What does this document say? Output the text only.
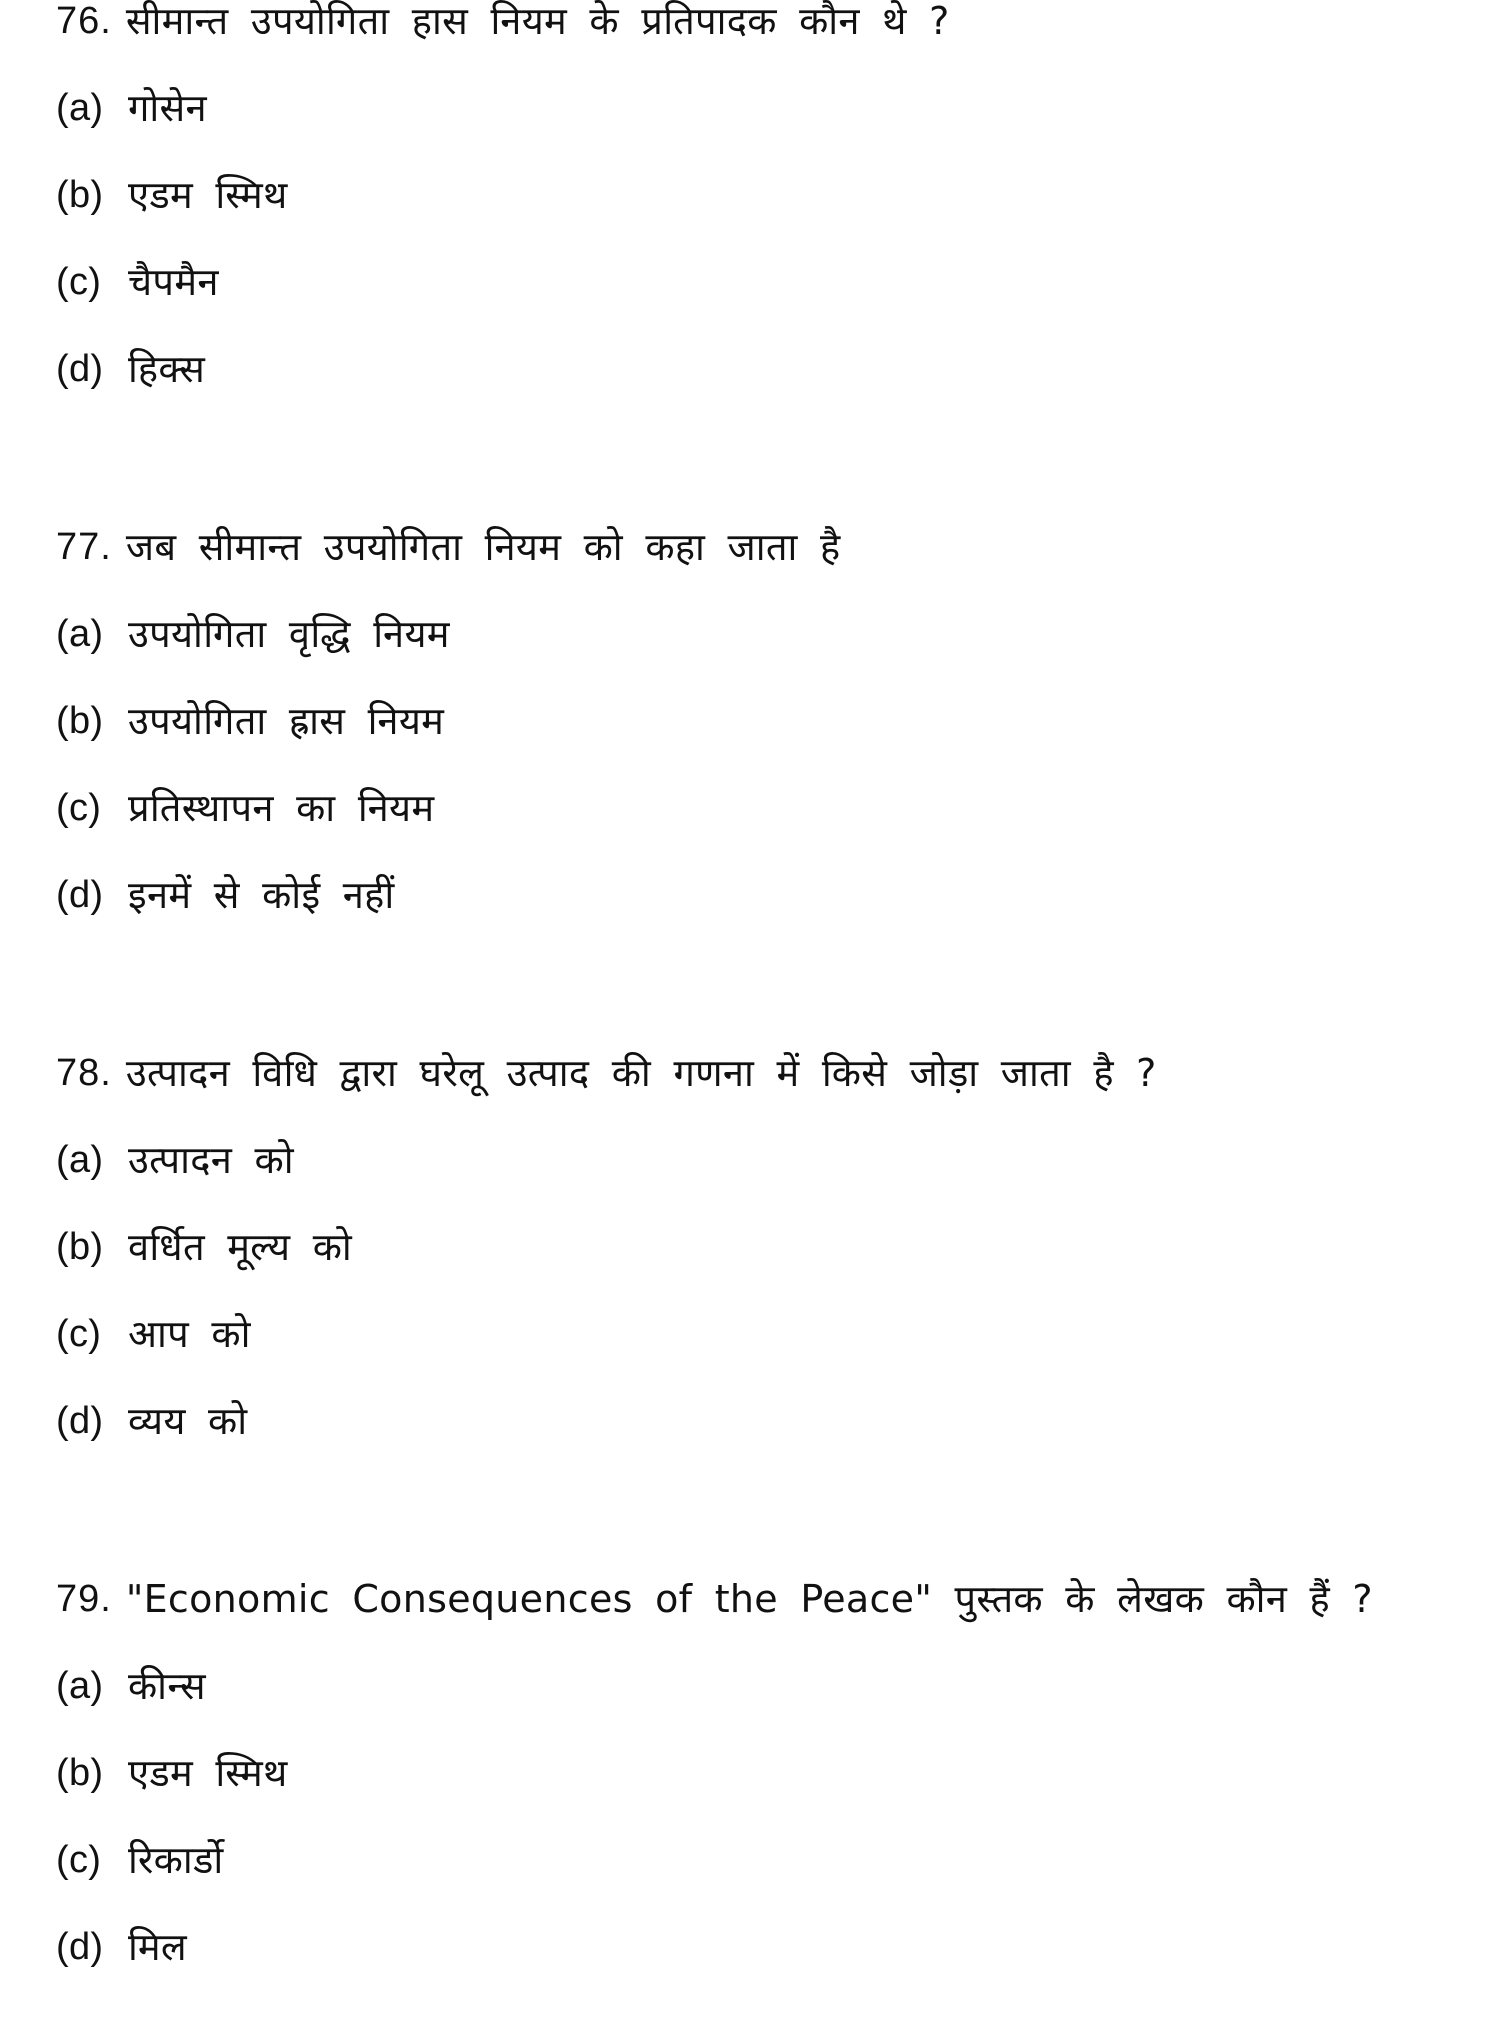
76. सीमान्त उपयोगिता हास नियम के प्रतिपादक कौन थे ?
(a) गोसेन
(b) एडम स्मिथ
(c) चैपमैन
(d) हिक्स
77. जब सीमान्त उपयोगिता नियम को कहा जाता है
(a) उपयोगिता वृद्धि नियम
(b) उपयोगिता ह्रास नियम
(c) प्रतिस्थापन का नियम
(d) इनमें से कोई नहीं
78. उत्पादन विधि द्वारा घरेलू उत्पाद की गणना में किसे जोड़ा जाता है ?
(a) उत्पादन को
(b) वर्धित मूल्य को
(c) आप को
(d) व्यय को
79. "Economic Consequences of the Peace" पुस्तक के लेखक कौन हैं ?
(a) कीन्स
(b) एडम स्मिथ
(c) रिकार्डो
(d) मिल
